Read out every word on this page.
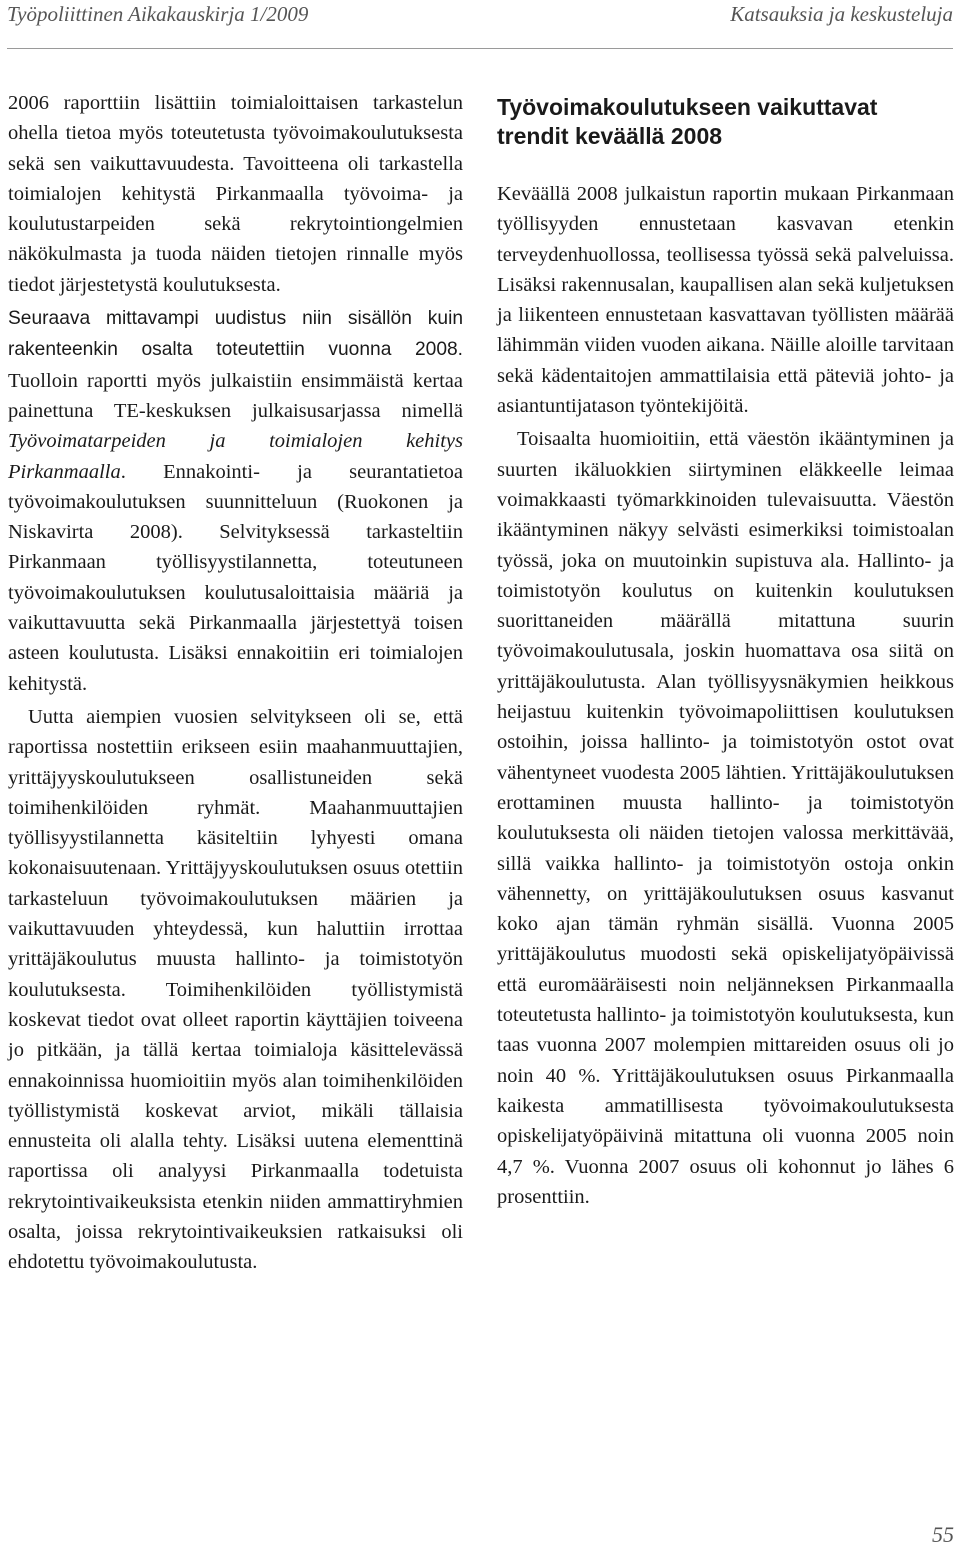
Työpoliittinen Aikakauskirja 1/2009	Katsauksia ja keskusteluja

2006 raporttiin lisättiin toimialoittaisen tarkastelun ohella tietoa myös toteutetusta työvoimakoulutuksesta sekä sen vaikuttavuudesta. Tavoitteena oli tarkastella toimialojen kehitystä Pirkanmaalla työvoima- ja koulutustarpeiden sekä rekrytointiongelmien näkökulmasta ja tuoda näiden tietojen rinnalle myös tiedot järjestetystä koulutuksesta.

Seuraava mittavampi uudistus niin sisällön kuin rakenteenkin osalta toteutettiin vuonna 2008. Tuolloin raportti myös julkaistiin ensimmäistä kertaa painettuna TE-keskuksen julkaisusarjassa nimellä Työvoimatarpeiden ja toimialojen kehitys Pirkanmaalla. Ennakointi- ja seurantatietoa työvoimakoulutuksen suunnitteluun (Ruokonen ja Niskavirta 2008). Selvityksessä tarkasteltiin Pirkanmaan työllisyystilannetta, toteutuneen työvoimakoulutuksen koulutusaloittaisia määriä ja vaikuttavuutta sekä Pirkanmaalla järjestettyä toisen asteen koulutusta. Lisäksi ennakoitiin eri toimialojen kehitystä.

Uutta aiempien vuosien selvitykseen oli se, että raportissa nostettiin erikseen esiin maahanmuuttajien, yrittäjyyskoulutukseen osallistuneiden sekä toimihenkilöiden ryhmät. Maahanmuuttajien työllisyystilannetta käsiteltiin lyhyesti omana kokonaisuutenaan. Yrittäjyyskoulutuksen osuus otettiin tarkasteluun työvoimakoulutuksen määrien ja vaikuttavuuden yhteydessä, kun haluttiin irrottaa yrittäjäkoulutus muusta hallinto- ja toimistotyön koulutuksesta. Toimihenkilöiden työllistymistä koskevat tiedot ovat olleet raportin käyttäjien toiveena jo pitkään, ja tällä kertaa toimialoja käsittelevässä ennakoinnissa huomioitiin myös alan toimihenkilöiden työllistymistä koskevat arviot, mikäli tällaisia ennusteita oli alalla tehty. Lisäksi uutena elementtinä raportissa oli analyysi Pirkanmaalla todetuista rekrytointivaikeuksista etenkin niiden ammattiryhmien osalta, joissa rekrytointivaikeuksien ratkaisuksi oli ehdotettu työvoimakoulutusta.

Työvoimakoulutukseen vaikuttavat trendit keväällä 2008

Keväällä 2008 julkaistun raportin mukaan Pirkanmaan työllisyyden ennustetaan kasvavan etenkin terveydenhuollossa, teollisessa työssä sekä palveluissa. Lisäksi rakennusalan, kaupallisen alan sekä kuljetuksen ja liikenteen ennustetaan kasvattavan työllisten määrää lähimmän viiden vuoden aikana. Näille aloille tarvitaan sekä kädentaitojen ammattilaisia että päteviä johto- ja asiantuntijatason työntekijöitä.

Toisaalta huomioitiin, että väestön ikääntyminen ja suurten ikäluokkien siirtyminen eläkkeelle leimaa voimakkaasti työmarkkinoiden tulevaisuutta. Väestön ikääntyminen näkyy selvästi esimerkiksi toimistoalan työssä, joka on muutoinkin supistuva ala. Hallinto- ja toimistotyön koulutus on kuitenkin koulutuksen suorittaneiden määrällä mitattuna suurin työvoimakoulutusala, joskin huomattava osa siitä on yrittäjäkoulutusta. Alan työllisyysnäkymien heikkous heijastuu kuitenkin työvoimapoliittisen koulutuksen ostoihin, joissa hallinto- ja toimistotyön ostot ovat vähentyneet vuodesta 2005 lähtien. Yrittäjäkoulutuksen erottaminen muusta hallinto- ja toimistotyön koulutuksesta oli näiden tietojen valossa merkittävää, sillä vaikka hallinto- ja toimistotyön ostoja onkin vähennetty, on yrittäjäkoulutuksen osuus kasvanut koko ajan tämän ryhmän sisällä. Vuonna 2005 yrittäjäkoulutus muodosti sekä opiskelijatyöpäivissä että euromääräisesti noin neljänneksen Pirkanmaalla toteutetusta hallinto- ja toimistotyön koulutuksesta, kun taas vuonna 2007 molempien mittareiden osuus oli jo noin 40 %. Yrittäjäkoulutuksen osuus Pirkanmaalla kaikesta ammatillisesta työvoimakoulutuksesta opiskelijatyöpäivinä mitattuna oli vuonna 2005 noin 4,7 %. Vuonna 2007 osuus oli kohonnut jo lähes 6 prosenttiin.

55
